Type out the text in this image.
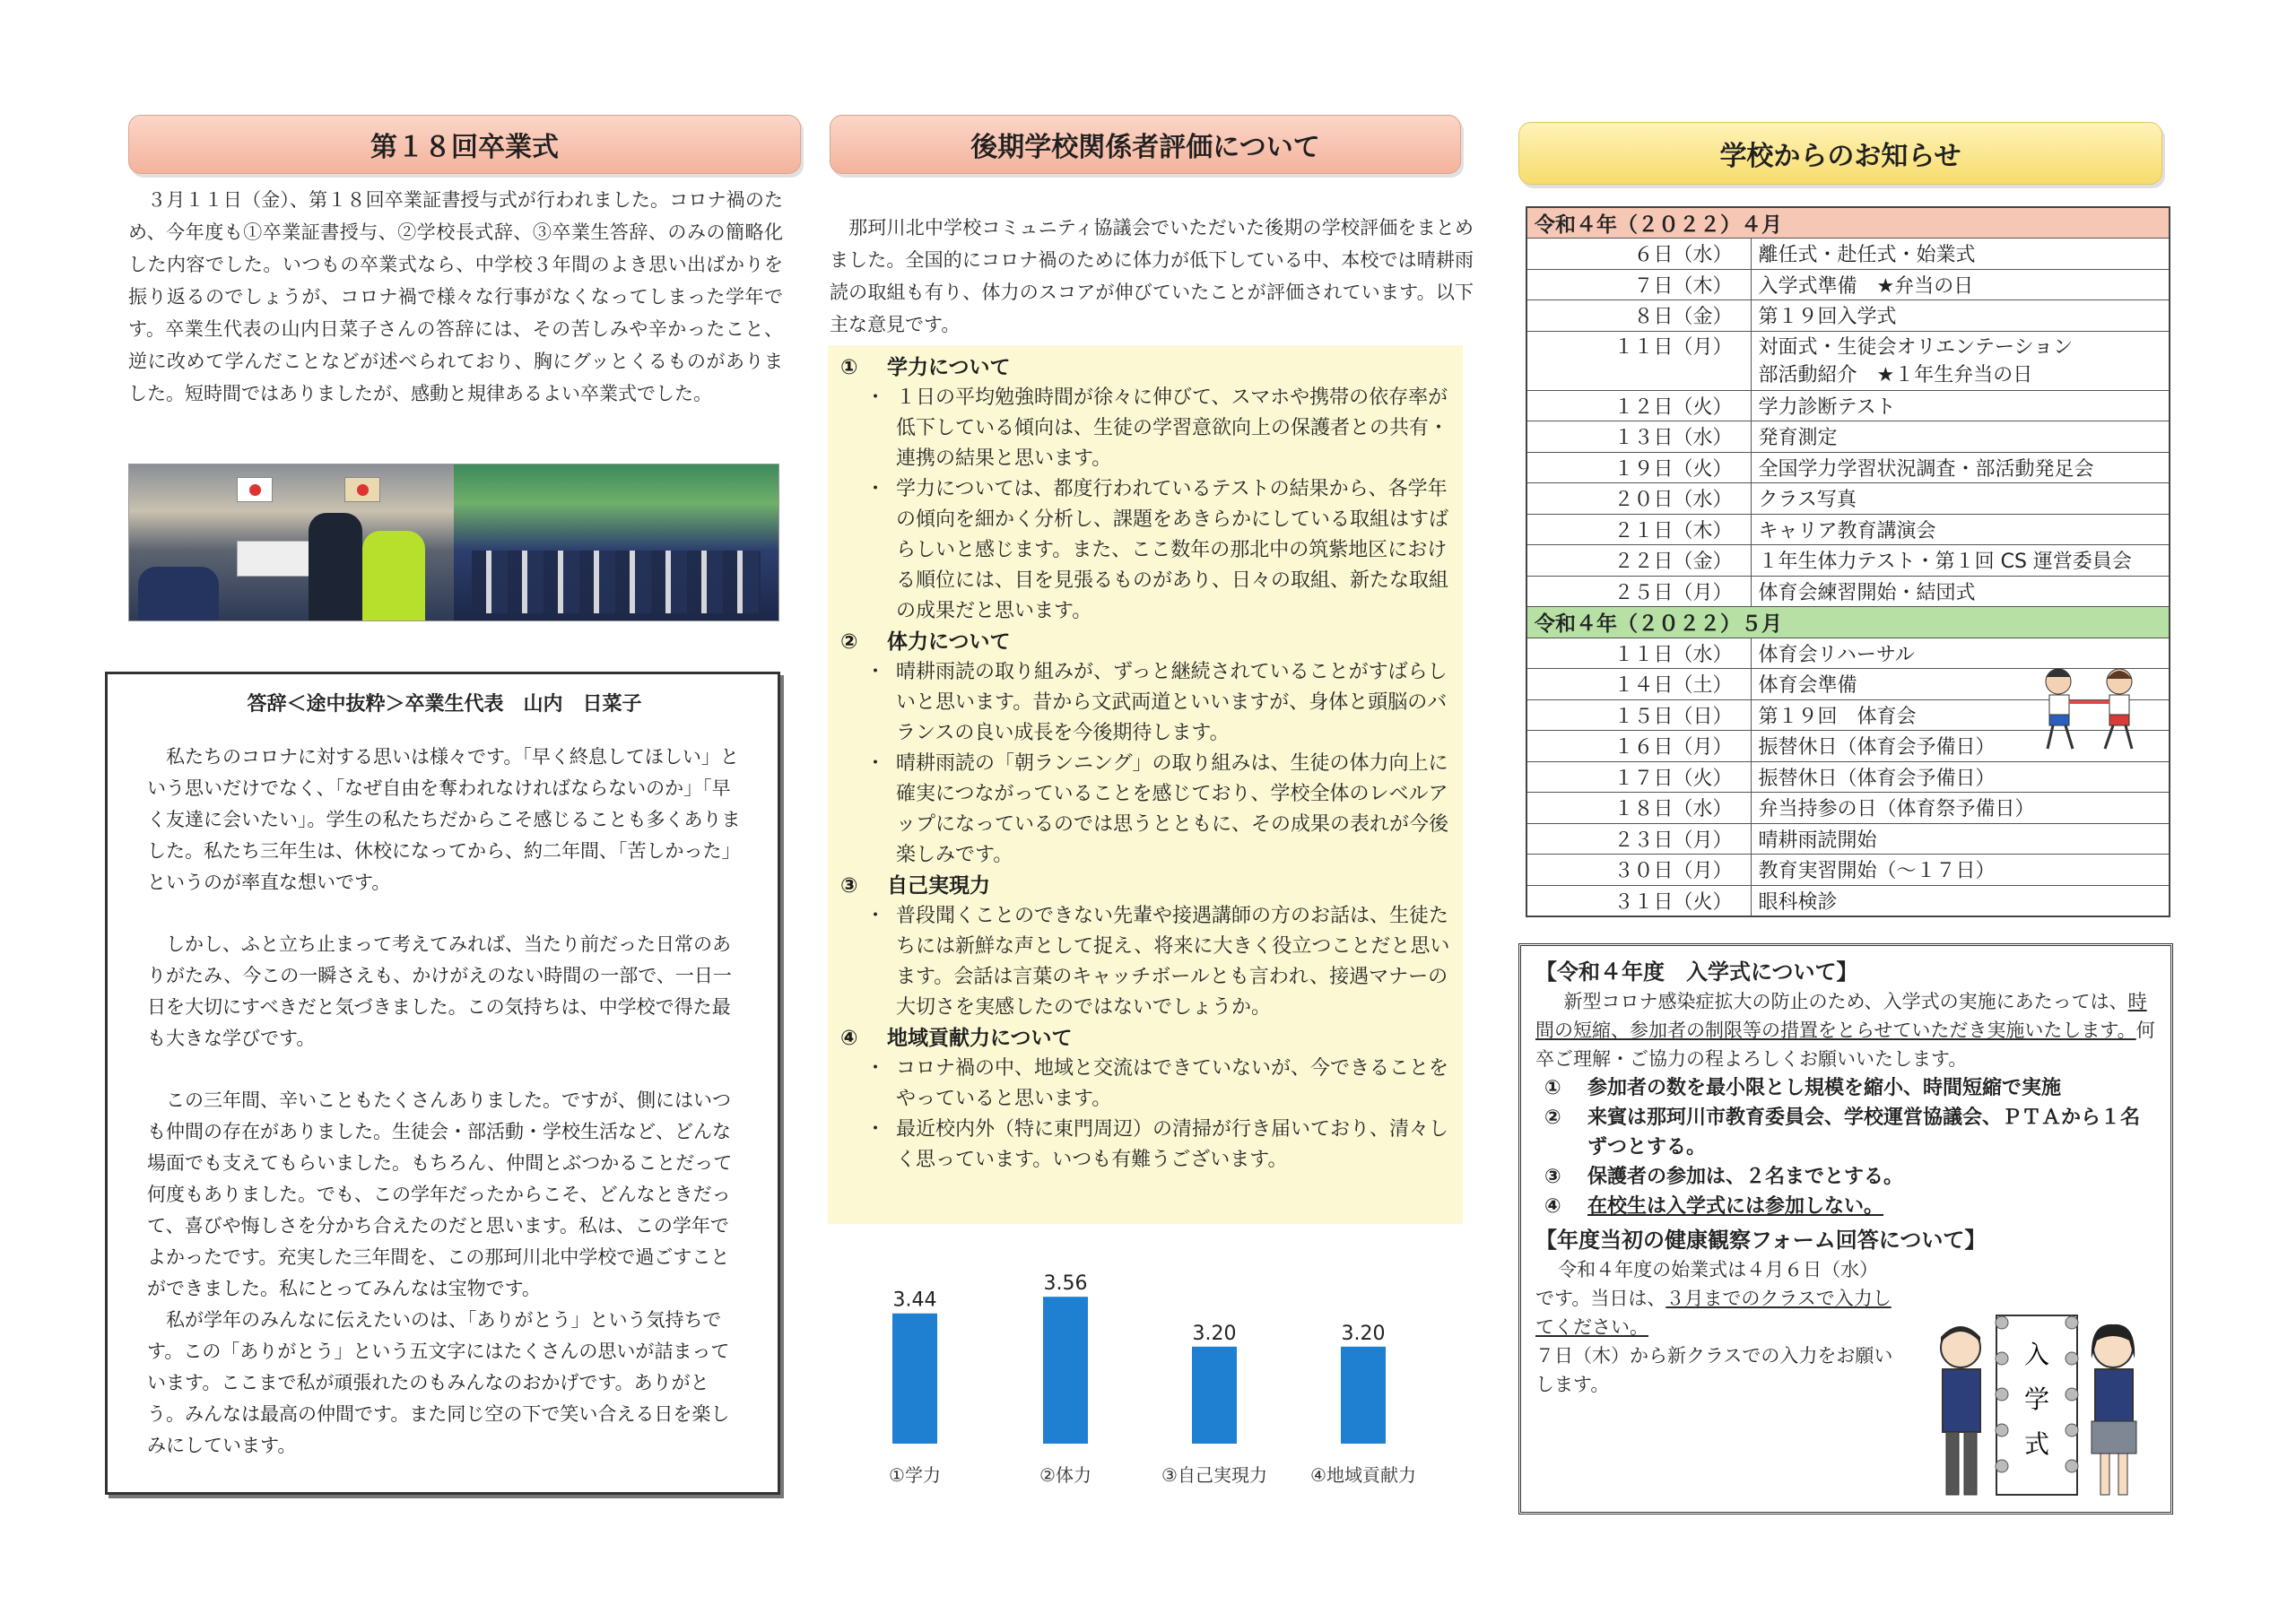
第１８回卒業式
　３月１１日（金）、第１８回卒業証書授与式が行われました。コロナ禍のため、今年度も①卒業証書授与、②学校長式辞、③卒業生答辞、のみの簡略化した内容でした。いつもの卒業式なら、中学校３年間のよき思い出ばかりを振り返るのでしょうが、コロナ禍で様々な行事がなくなってしまった学年です。卒業生代表の山内日菜子さんの答辞には、その苦しみや辛かったこと、逆に改めて学んだことなどが述べられており、胸にグッとくるものがありました。短時間ではありましたが、感動と規律あるよい卒業式でした。
答辞＜途中抜粋＞卒業生代表　山内　日菜子

私たちのコロナに対する思いは様々です。「早く終息してほしい」という思いだけでなく、「なぜ自由を奪われなければならないのか」「早く友達に会いたい」。学生の私たちだからこそ感じることも多くありました。私たち三年生は、休校になってから、約二年間、「苦しかった」というのが率直な想いです。

しかし、ふと立ち止まって考えてみれば、当たり前だった日常のありがたみ、今この一瞬さえも、かけがえのない時間の一部で、一日一日を大切にすべきだと気づきました。この気持ちは、中学校で得た最も大きな学びです。

この三年間、辛いこともたくさんありました。ですが、側にはいつも仲間の存在がありました。生徒会・部活動・学校生活など、どんな場面でも支えてもらいました。もちろん、仲間とぶつかることだって何度もありました。でも、この学年だったからこそ、どんなときだって、喜びや悔しさを分かち合えたのだと思います。私は、この学年でよかったです。充実した三年間を、この那珂川北中学校で過ごすことができました。私にとってみんなは宝物です。

私が学年のみんなに伝えたいのは、「ありがとう」という気持ちです。この「ありがとう」という五文字にはたくさんの思いが詰まっています。ここまで私が頑張れたのもみんなのおかげです。ありがとう。みんなは最高の仲間です。また同じ空の下で笑い合える日を楽しみにしています。

後期学校関係者評価について
　那珂川北中学校コミュニティ協議会でいただいた後期の学校評価をまとめました。全国的にコロナ禍のために体力が低下している中、本校では晴耕雨読の取組も有り、体力のスコアが伸びていたことが評価されています。以下主な意見です。
① 学力について
・ １日の平均勉強時間が徐々に伸びて、スマホや携帯の依存率が低下している傾向は、生徒の学習意欲向上の保護者との共有・連携の結果と思います。
・ 学力については、都度行われているテストの結果から、各学年の傾向を細かく分析し、課題をあきらかにしている取組はすばらしいと感じます。また、ここ数年の那北中の筑紫地区における順位には、目を見張るものがあり、日々の取組、新たな取組の成果だと思います。
② 体力について
・ 晴耕雨読の取り組みが、ずっと継続されていることがすばらしいと思います。昔から文武両道といいますが、身体と頭脳のバランスの良い成長を今後期待します。
・ 晴耕雨読の「朝ランニング」の取り組みは、生徒の体力向上に確実につながっていることを感じており、学校全体のレベルアップになっているのでは思うとともに、その成果の表れが今後楽しみです。
③ 自己実現力
・ 普段聞くことのできない先輩や接遇講師の方のお話は、生徒たちには新鮮な声として捉え、将来に大きく役立つことだと思います。会話は言葉のキャッチボールとも言われ、接遇マナーの大切さを実感したのではないでしょうか。
④ 地域貢献力について
・ コロナ禍の中、地域と交流はできていないが、今できることをやっていると思います。
・ 最近校内外（特に東門周辺）の清掃が行き届いており、清々しく思っています。いつも有難うございます。
3.44
①学力
3.56
②体力
3.20
③自己実現力
3.20
④地域貢献力
学校からのお知らせ
令和４年（２０２２）４月	
６日（水）	離任式・赴任式・始業式

７日（木）	入学式準備　★弁当の日

８日（金）	第１９回入学式

１１日（月）	対面式・生徒会オリエンテーション
部活動紹介　★１年生弁当の日

１２日（火）	学力診断テスト

１３日（水）	発育測定

１９日（火）	全国学力学習状況調査・部活動発足会

２０日（水）	クラス写真

２１日（木）	キャリア教育講演会

２２日（金）	１年生体力テスト・第１回 CS 運営委員会

２５日（月）	体育会練習開始・結団式

令和４年（２０２２）５月	
１１日（水）	体育会リハーサル

１４日（土）	体育会準備

１５日（日）	第１９回　体育会

１６日（月）	振替休日（体育会予備日）

１７日（火）	振替休日（体育会予備日）

１８日（水）	弁当持参の日（体育祭予備日）

２３日（月）	晴耕雨読開始

３０日（月）	教育実習開始（～１７日）

３１日（火）	眼科検診
【令和４年度　入学式について】
新型コロナ感染症拡大の防止のため、入学式の実施にあたっては、時間の短縮、参加者の制限等の措置をとらせていただき実施いたします。何卒ご理解・ご協力の程よろしくお願いいたします。
① 参加者の数を最小限とし規模を縮小、時間短縮で実施
② 来賓は那珂川市教育委員会、学校運営協議会、ＰＴＡから１名ずつとする。
③ 保護者の参加は、２名までとする。
④ 在校生は入学式には参加しない。
【年度当初の健康観察フォーム回答について】
令和４年度の始業式は４月６日（水）です。当日は、３月までのクラスで入力してください。
７日（木）から新クラスでの入力をお願いします。
入
学
式
